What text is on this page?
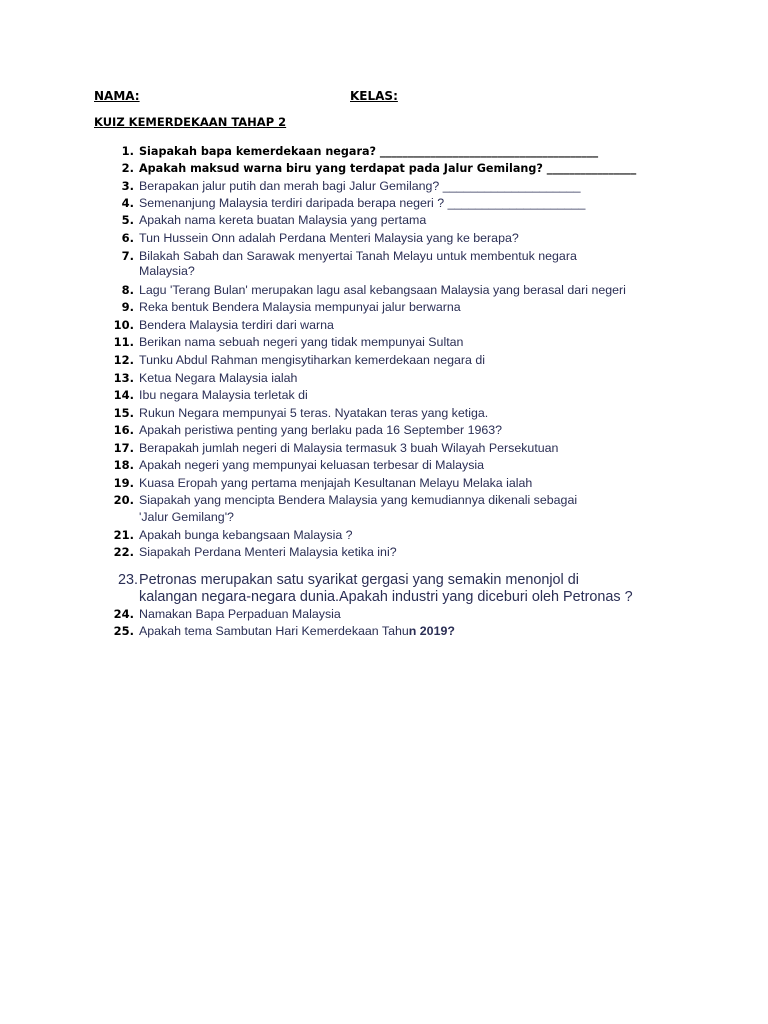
NAMA:	KELAS:
KUIZ KEMERDEKAAN TAHAP 2
1. Siapakah bapa kemerdekaan negara? _______________________________________
2. Apakah maksud warna biru yang terdapat pada Jalur Gemilang? ________________
3. Berapakan jalur putih dan merah bagi Jalur Gemilang? ____________________
4. Semenanjung Malaysia terdiri daripada berapa negeri ? ____________________
5. Apakah nama kereta buatan Malaysia yang pertama
6. Tun Hussein Onn adalah Perdana Menteri Malaysia yang ke berapa?
7. Bilakah Sabah dan Sarawak menyertai Tanah Melayu untuk membentuk negara
Malaysia?
8. Lagu 'Terang Bulan' merupakan lagu asal kebangsaan Malaysia yang berasal dari negeri
9. Reka bentuk Bendera Malaysia mempunyai jalur berwarna
10. Bendera Malaysia terdiri dari warna
11. Berikan nama sebuah negeri yang tidak mempunyai Sultan
12. Tunku Abdul Rahman mengisytiharkan kemerdekaan negara di
13. Ketua Negara Malaysia ialah
14. Ibu negara Malaysia terletak di
15. Rukun Negara mempunyai 5 teras. Nyatakan teras yang ketiga.
16. Apakah peristiwa penting yang berlaku pada 16 September 1963?
17. Berapakah jumlah negeri di Malaysia termasuk 3 buah Wilayah Persekutuan
18. Apakah negeri yang mempunyai keluasan terbesar di Malaysia
19. Kuasa Eropah yang pertama menjajah Kesultanan Melayu Melaka ialah
20. Siapakah yang mencipta Bendera Malaysia yang kemudiannya dikenali sebagai
'Jalur Gemilang'?
21. Apakah bunga kebangsaan Malaysia ?
22. Siapakah Perdana Menteri Malaysia ketika ini?
23. Petronas merupakan satu syarikat gergasi yang semakin menonjol di
kalangan negara-negara dunia.Apakah industri yang diceburi oleh Petronas ?
24. Namakan Bapa Perpaduan Malaysia
25. Apakah tema Sambutan Hari Kemerdekaan Tahun 2019?
